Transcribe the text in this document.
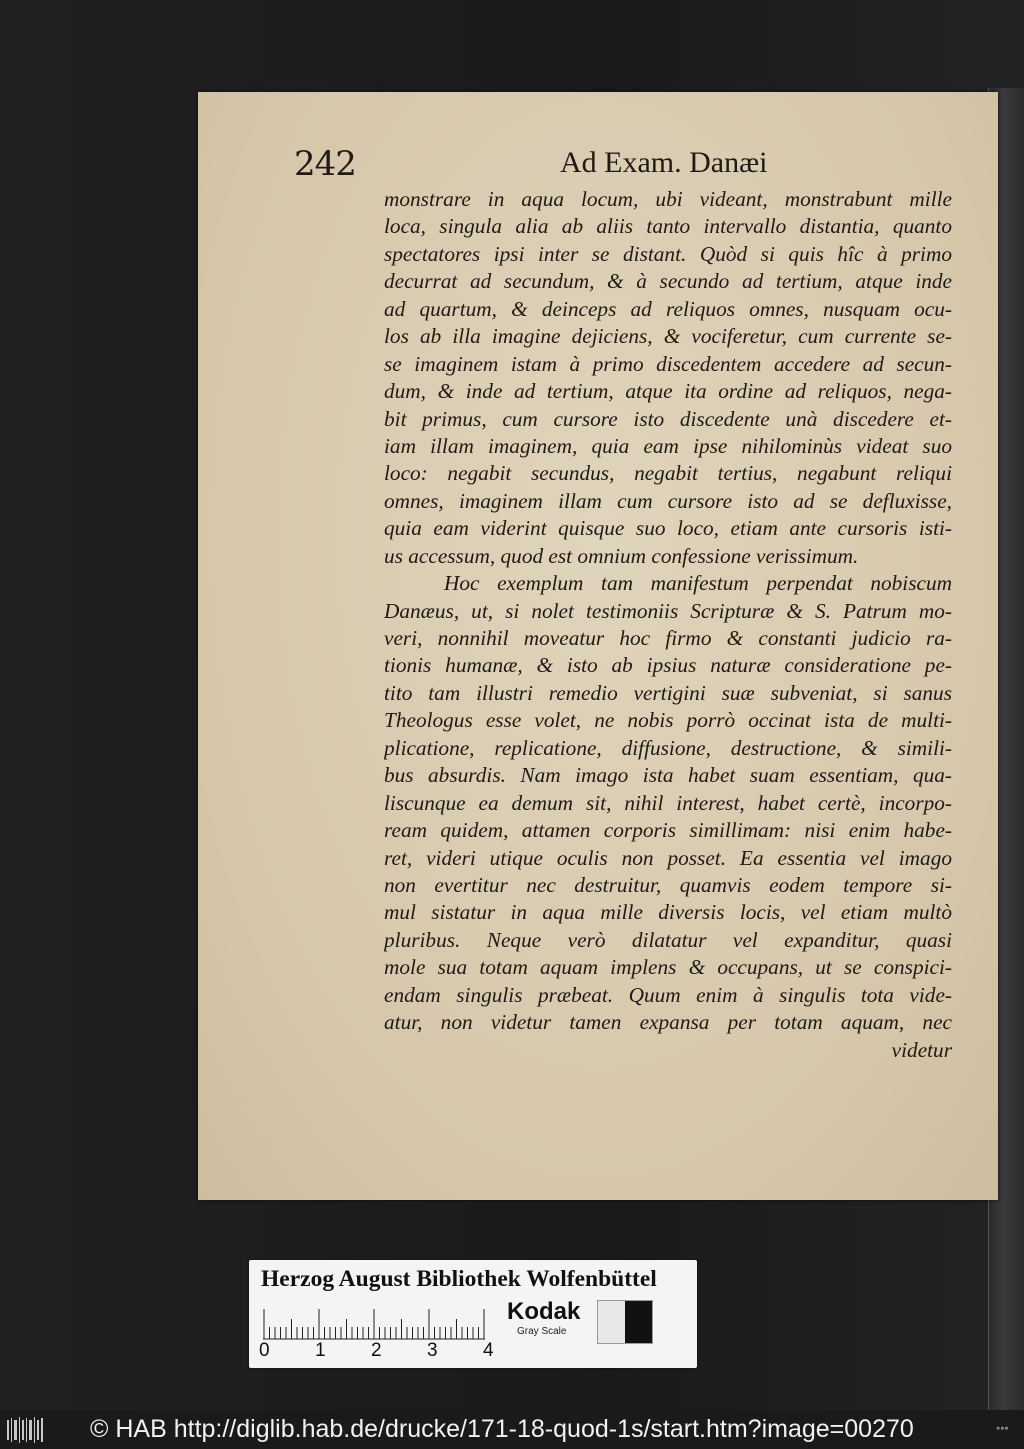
242	Ad Exam. Danæi
monstrare in aqua locum, ubi videant, monstrabunt mille
loca, singula alia ab aliis tanto intervallo distantia, quanto
spectatores ipsi inter se distant. Quòd si quis hîc à primo
decurrat ad secundum, & à secundo ad tertium, atque inde
ad quartum, & deinceps ad reliquos omnes, nusquam ocu-
los ab illa imagine dejiciens, & vociferetur, cum currente se-
se imaginem istam à primo discedentem accedere ad secun-
dum, & inde ad tertium, atque ita ordine ad reliquos, nega-
bit primus, cum cursore isto discedente unà discedere et-
iam illam imaginem, quia eam ipse nihilominùs videat suo
loco: negabit secundus, negabit tertius, negabunt reliqui
omnes, imaginem illam cum cursore isto ad se defluxisse,
quia eam viderint quisque suo loco, etiam ante cursoris isti-
us accessum, quod est omnium confessione verissimum.
Hoc exemplum tam manifestum perpendat nobiscum
Danæus, ut, si nolet testimoniis Scripturæ & S. Patrum mo-
veri, nonnihil moveatur hoc firmo & constanti judicio ra-
tionis humanæ, & isto ab ipsius naturæ consideratione pe-
tito tam illustri remedio vertigini suæ subveniat, si sanus
Theologus esse volet, ne nobis porrò occinat ista de multi-
plicatione, replicatione, diffusione, destructione, & simili-
bus absurdis. Nam imago ista habet suam essentiam, qua-
liscunque ea demum sit, nihil interest, habet certè, incorpo-
ream quidem, attamen corporis simillimam: nisi enim habe-
ret, videri utique oculis non posset. Ea essentia vel imago
non evertitur nec destruitur, quamvis eodem tempore si-
mul sistatur in aqua mille diversis locis, vel etiam multò
pluribus. Neque verò dilatatur vel expanditur, quasi
mole sua totam aquam implens & occupans, ut se conspici-
endam singulis præbeat. Quum enim à singulis tota vide-
atur, non videtur tamen expansa per totam aquam, nec
videtur
Herzog August Bibliothek Wolfenbüttel
0 1 2 3 4
Kodak
Gray Scale
© HAB http://diglib.hab.de/drucke/171-18-quod-1s/start.htm?image=00270	▪▪▪
